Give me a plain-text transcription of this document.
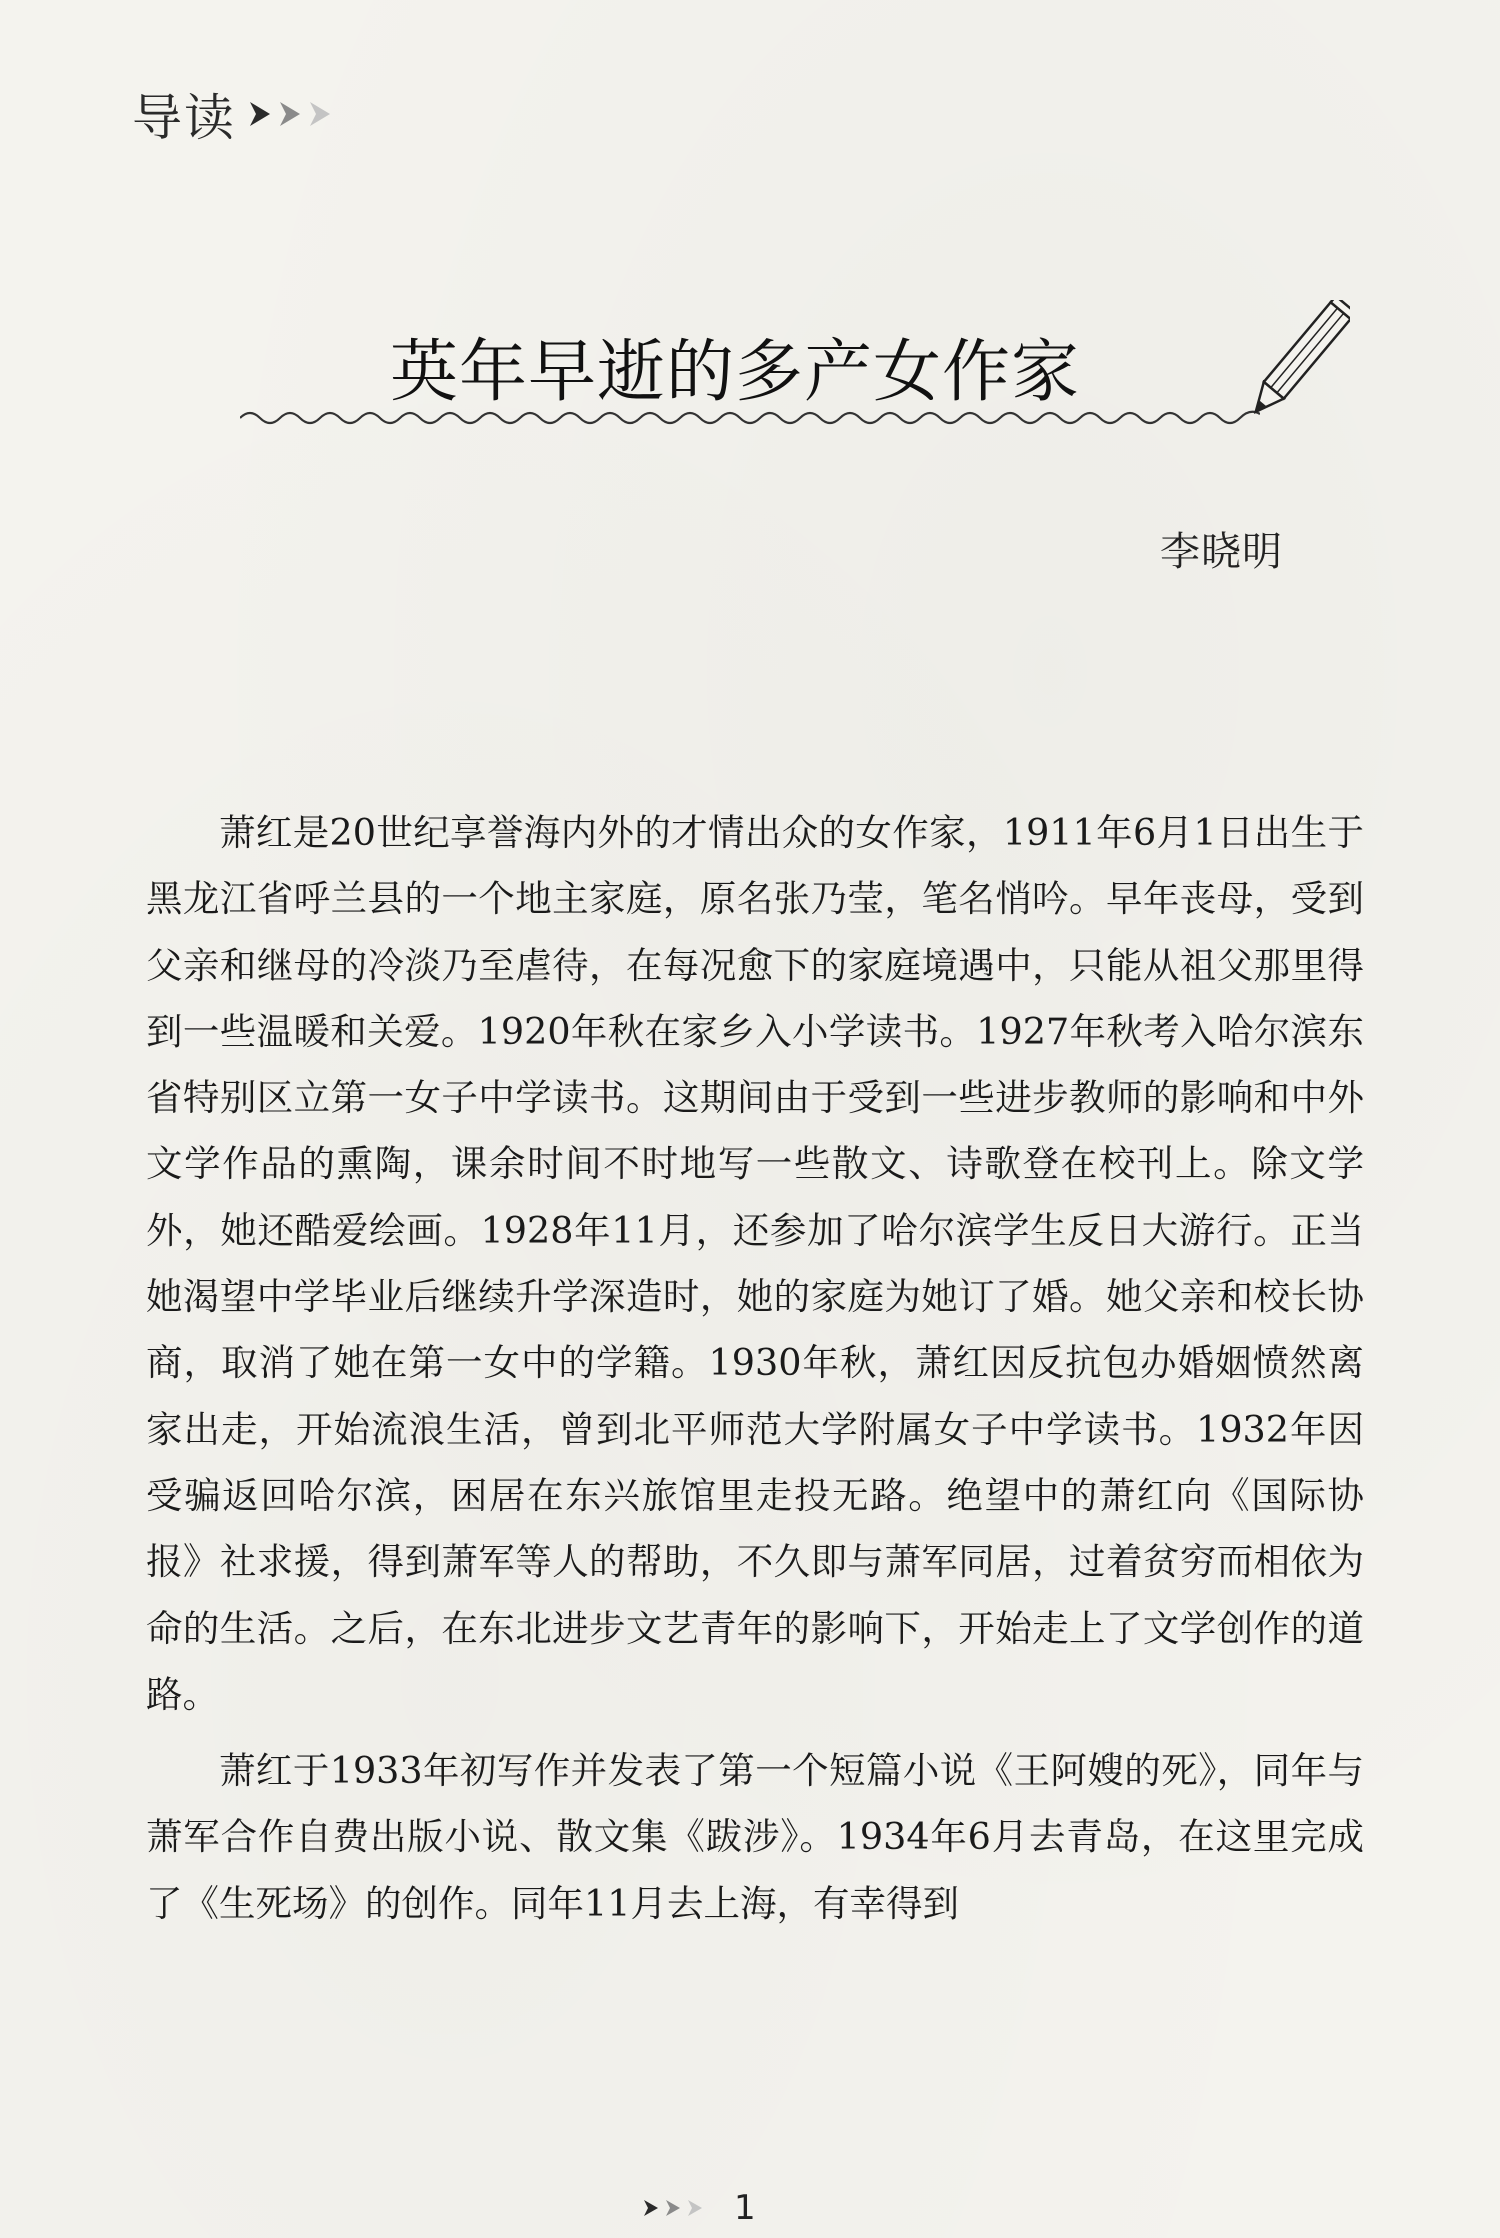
导读
英年早逝的多产女作家
李晓明

萧红是20世纪享誉海内外的才情出众的女作家，1911年6月1日出生于黑龙江省呼兰县的一个地主家庭，原名张乃莹，笔名悄吟。早年丧母，受到父亲和继母的冷淡乃至虐待，在每况愈下的家庭境遇中，只能从祖父那里得到一些温暖和关爱。1920年秋在家乡入小学读书。1927年秋考入哈尔滨东省特别区立第一女子中学读书。这期间由于受到一些进步教师的影响和中外文学作品的熏陶，课余时间不时地写一些散文、诗歌登在校刊上。除文学外，她还酷爱绘画。1928年11月，还参加了哈尔滨学生反日大游行。正当她渴望中学毕业后继续升学深造时，她的家庭为她订了婚。她父亲和校长协商，取消了她在第一女中的学籍。1930年秋，萧红因反抗包办婚姻愤然离家出走，开始流浪生活，曾到北平师范大学附属女子中学读书。1932年因受骗返回哈尔滨，困居在东兴旅馆里走投无路。绝望中的萧红向《国际协报》社求援，得到萧军等人的帮助，不久即与萧军同居，过着贫穷而相依为命的生活。之后，在东北进步文艺青年的影响下，开始走上了文学创作的道路。

萧红于1933年初写作并发表了第一个短篇小说《王阿嫂的死》，同年与萧军合作自费出版小说、散文集《跋涉》。1934年6月去青岛，在这里完成了《生死场》的创作。同年11月去上海，有幸得到

1
